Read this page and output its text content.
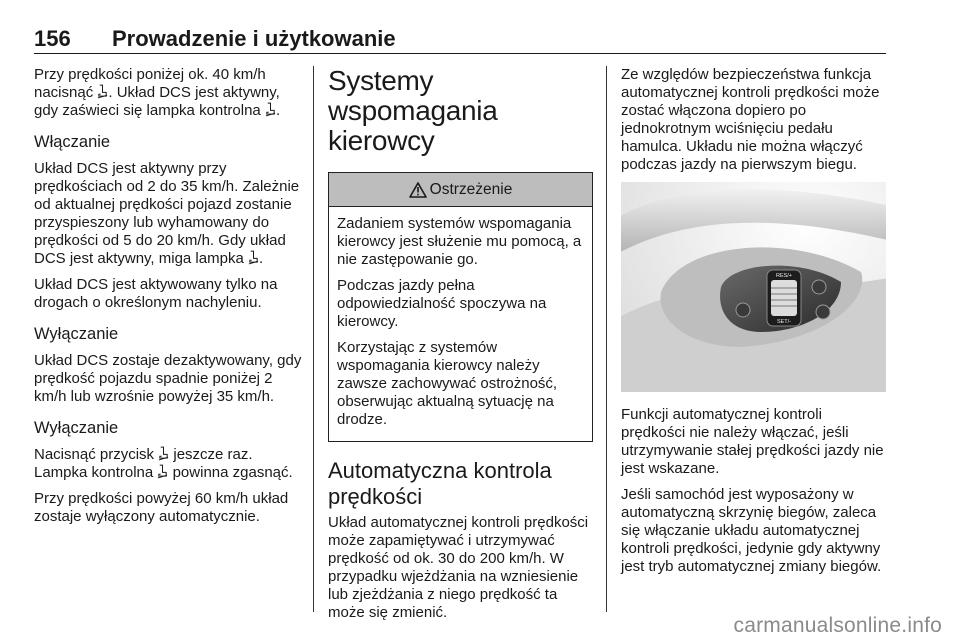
156 Prowadzenie i użytkowanie

Przy prędkości poniżej ok. 40 km/h nacisnąć . Układ DCS jest aktywny, gdy zaświeci się lampka kontrolna .

Włączanie

Układ DCS jest aktywny przy prędkościach od 2 do 35 km/h. Zależnie od aktualnej prędkości pojazd zostanie przyspieszony lub wyhamowany do prędkości od 5 do 20 km/h. Gdy układ DCS jest aktywny, miga lampka .

Układ DCS jest aktywowany tylko na drogach o określonym nachyleniu.

Wyłączanie

Układ DCS zostaje dezaktywowany, gdy prędkość pojazdu spadnie poniżej 2 km/h lub wzrośnie powyżej 35 km/h.

Wyłączanie

Nacisnąć przycisk jeszcze raz. Lampka kontrolna powinna zgasnąć.

Przy prędkości powyżej 60 km/h układ zostaje wyłączony automatycznie.

Systemy wspomagania kierowcy
Ostrzeżenie

Zadaniem systemów wspomagania kierowcy jest służenie mu pomocą, a nie zastępowanie go.

Podczas jazdy pełna odpowiedzialność spoczywa na kierowcy.

Korzystając z systemów wspomagania kierowcy należy zawsze zachowywać ostrożność, obserwując aktualną sytuację na drodze.

Automatyczna kontrola prędkości

Układ automatycznej kontroli prędkości może zapamiętywać i utrzymywać prędkość od ok. 30 do 200 km/h. W przypadku wjeżdżania na wzniesienie lub zjeżdżania z niego prędkość ta może się zmienić.

Ze względów bezpieczeństwa funkcja automatycznej kontroli prędkości może zostać włączona dopiero po jednokrotnym wciśnięciu pedału hamulca. Układu nie można włączyć podczas jazdy na pierwszym biegu.

RES/+
SET/-

Funkcji automatycznej kontroli prędkości nie należy włączać, jeśli utrzymywanie stałej prędkości jazdy nie jest wskazane.

Jeśli samochód jest wyposażony w automatyczną skrzynię biegów, zaleca się włączanie układu automatycznej kontroli prędkości, jedynie gdy aktywny jest tryb automatycznej zmiany biegów.

carmanualsonline.info
